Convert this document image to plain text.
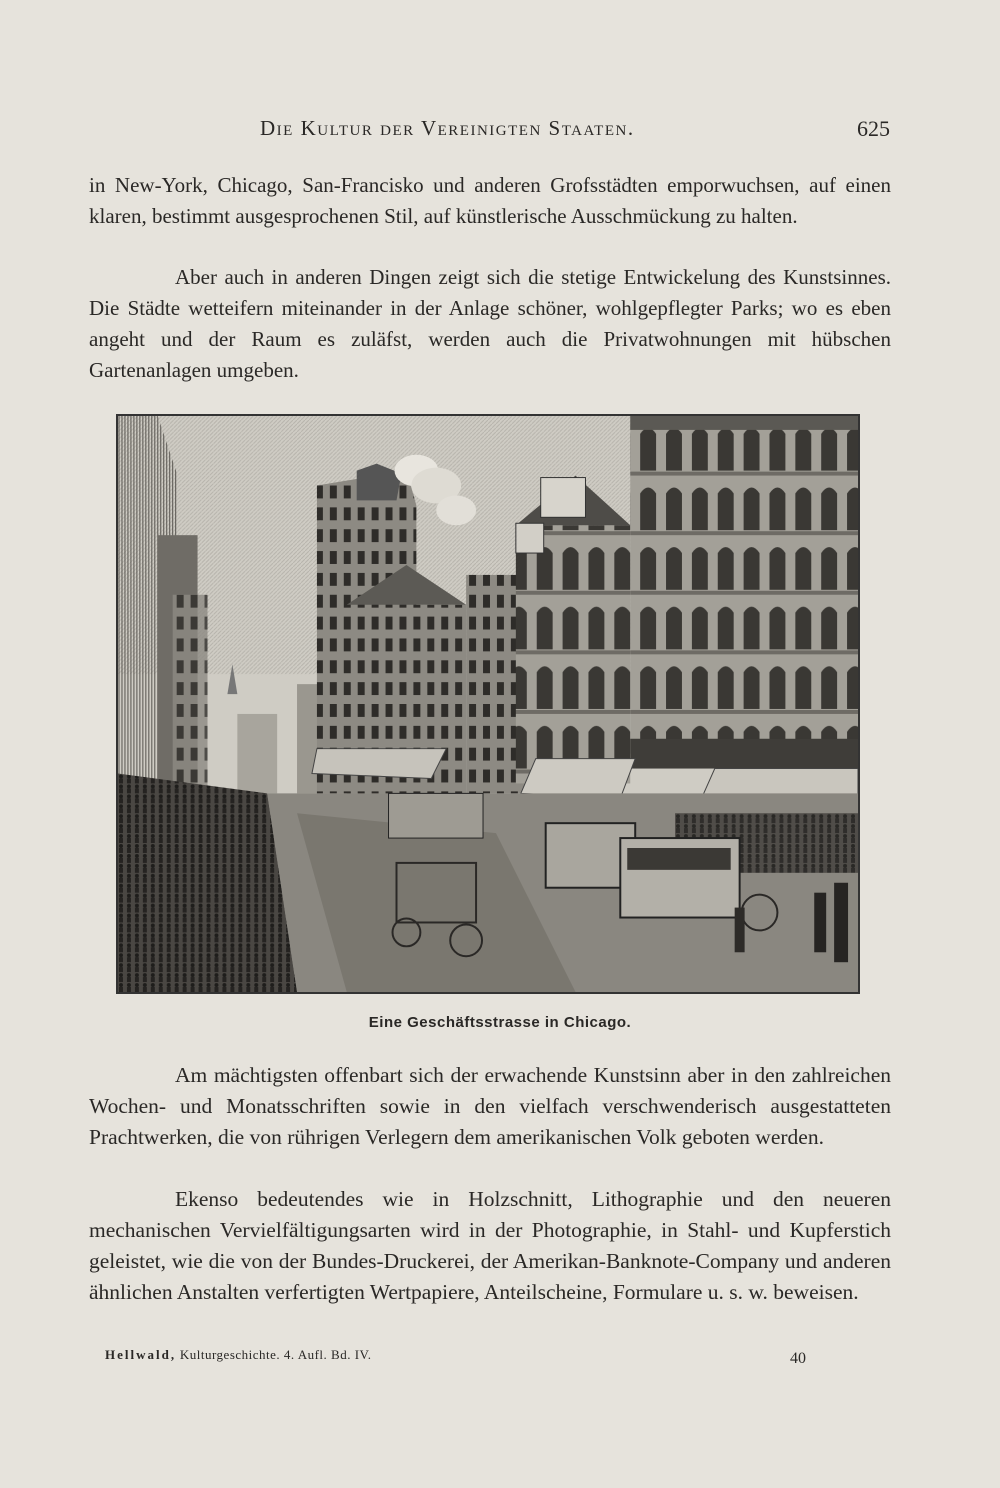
Die Kultur der Vereinigten Staaten.	625

in New-York, Chicago, San-Francisko und anderen Grofsstädten emporwuchsen, auf einen klaren, bestimmt ausgesprochenen Stil, auf künstlerische Ausschmückung zu halten.

Aber auch in anderen Dingen zeigt sich die stetige Entwickelung des Kunstsinnes. Die Städte wetteifern miteinander in der Anlage schöner, wohlgepflegter Parks; wo es eben angeht und der Raum es zuläfst, werden auch die Privatwohnungen mit hübschen Gartenanlagen umgeben.

Eine Geschäftsstrasse in Chicago.

Am mächtigsten offenbart sich der erwachende Kunstsinn aber in den zahlreichen Wochen- und Monatsschriften sowie in den vielfach verschwenderisch ausgestatteten Prachtwerken, die von rührigen Verlegern dem amerikanischen Volk geboten werden.

Ekenso bedeutendes wie in Holzschnitt, Lithographie und den neueren mechanischen Vervielfältigungsarten wird in der Photographie, in Stahl- und Kupferstich geleistet, wie die von der Bundes-Druckerei, der Amerikan-Banknote-Company und anderen ähnlichen Anstalten verfertigten Wertpapiere, Anteilscheine, Formulare u. s. w. beweisen.

Hellwald, Kulturgeschichte. 4. Aufl. Bd. IV.	40
